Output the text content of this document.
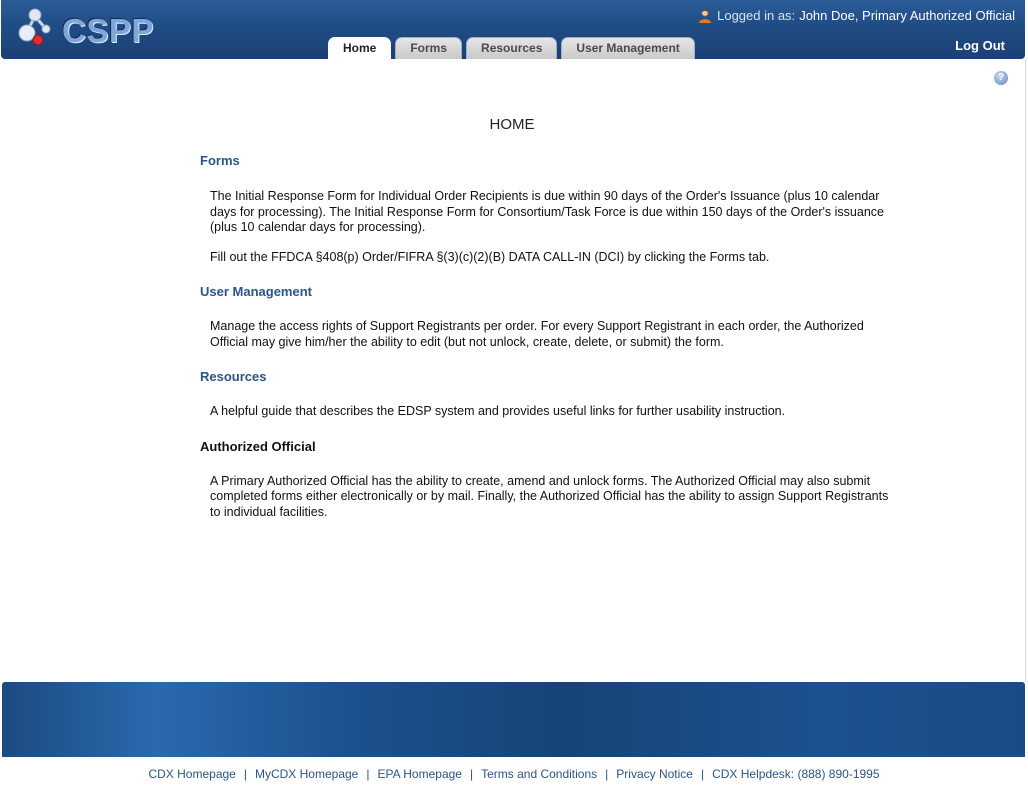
CSPP	Logged in as: John Doe, Primary Authorized Official
Log Out
Home	Forms	Resources	User Management
?
HOME
Forms
The Initial Response Form for Individual Order Recipients is due within 90 days of the Order's Issuance (plus 10 calendar days for processing). The Initial Response Form for Consortium/Task Force is due within 150 days of the Order's issuance (plus 10 calendar days for processing).
Fill out the FFDCA §408(p) Order/FIFRA §(3)(c)(2)(B) DATA CALL-IN (DCI) by clicking the Forms tab.
User Management
Manage the access rights of Support Registrants per order. For every Support Registrant in each order, the Authorized Official may give him/her the ability to edit (but not unlock, create, delete, or submit) the form.
Resources
A helpful guide that describes the EDSP system and provides useful links for further usability instruction.
Authorized Official
A Primary Authorized Official has the ability to create, amend and unlock forms. The Authorized Official may also submit completed forms either electronically or by mail. Finally, the Authorized Official has the ability to assign Support Registrants to individual facilities.
CDX Homepage | MyCDX Homepage | EPA Homepage | Terms and Conditions | Privacy Notice | CDX Helpdesk: (888) 890-1995
